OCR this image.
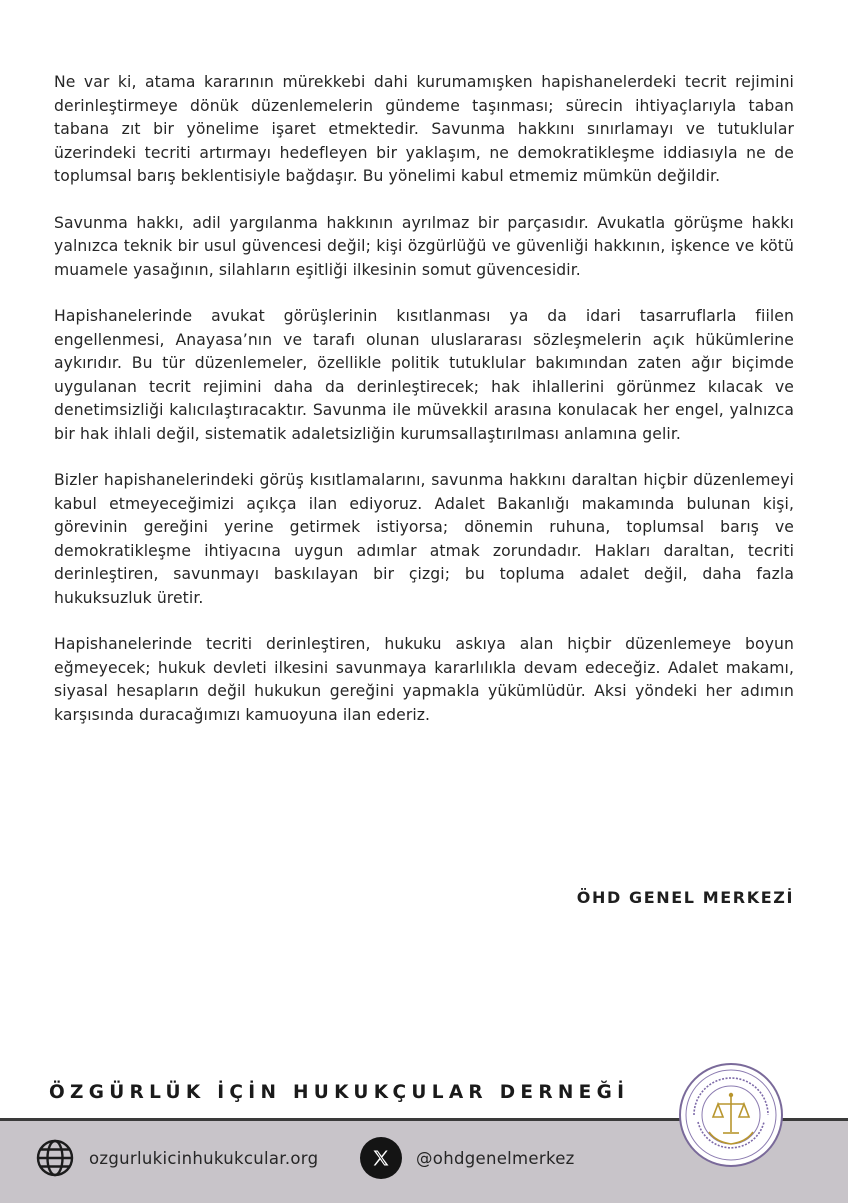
Ne var ki, atama kararının mürekkebi dahi kurumamışken hapishanelerdeki tecrit rejimini derinleştirmeye dönük düzenlemelerin gündeme taşınması; sürecin ihtiyaçlarıyla taban tabana zıt bir yönelime işaret etmektedir. Savunma hakkını sınırlamayı ve tutuklular üzerindeki tecriti artırmayı hedefleyen bir yaklaşım, ne demokratikleşme iddiasıyla ne de toplumsal barış beklentisiyle bağdaşır. Bu yönelimi kabul etmemiz mümkün değildir.

Savunma hakkı, adil yargılanma hakkının ayrılmaz bir parçasıdır. Avukatla görüşme hakkı yalnızca teknik bir usul güvencesi değil; kişi özgürlüğü ve güvenliği hakkının, işkence ve kötü muamele yasağının, silahların eşitliği ilkesinin somut güvencesidir.

Hapishanelerinde avukat görüşlerinin kısıtlanması ya da idari tasarruflarla fiilen engellenmesi, Anayasa’nın ve tarafı olunan uluslararası sözleşmelerin açık hükümlerine aykırıdır. Bu tür düzenlemeler, özellikle politik tutuklular bakımından zaten ağır biçimde uygulanan tecrit rejimini daha da derinleştirecek; hak ihlallerini görünmez kılacak ve denetimsizliği kalıcılaştıracaktır. Savunma ile müvekkil arasına konulacak her engel, yalnızca bir hak ihlali değil, sistematik adaletsizliğin kurumsallaştırılması anlamına gelir.

Bizler hapishanelerindeki görüş kısıtlamalarını, savunma hakkını daraltan hiçbir düzenlemeyi kabul etmeyeceğimizi açıkça ilan ediyoruz. Adalet Bakanlığı makamında bulunan kişi, görevinin gereğini yerine getirmek istiyorsa; dönemin ruhuna, toplumsal barış ve demokratikleşme ihtiyacına uygun adımlar atmak zorundadır. Hakları daraltan, tecriti derinleştiren, savunmayı baskılayan bir çizgi; bu topluma adalet değil, daha fazla hukuksuzluk üretir.

Hapishanelerinde tecriti derinleştiren, hukuku askıya alan hiçbir düzenlemeye boyun eğmeyecek; hukuk devleti ilkesini savunmaya kararlılıkla devam edeceğiz. Adalet makamı, siyasal hesapların değil hukukun gereğini yapmakla yükümlüdür. Aksi yöndeki her adımın karşısında duracağımızı kamuoyuna ilan ederiz.

ÖHD GENEL MERKEZİ
ÖZGÜRLÜK İÇİN HUKUKÇULAR DERNEĞİ
ozgurlukicinhukukcular.org	@ohdgenelmerkez
